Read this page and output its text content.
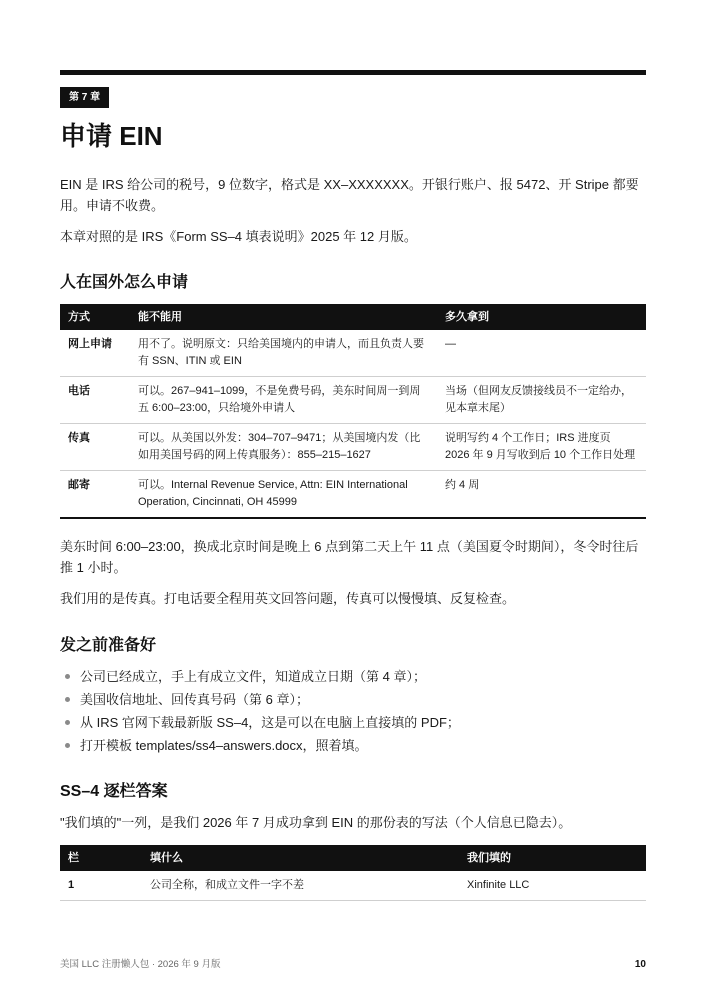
第 7 章
申请 EIN

EIN 是 IRS 给公司的税号，9 位数字，格式是 XX–XXXXXXX。开银行账户、报 5472、开 Stripe 都要用。申请不收费。

本章对照的是 IRS《Form SS–4 填表说明》2025 年 12 月版。

人在国外怎么申请
方式	能不能用	多久拿到
网上申请	用不了。说明原文：只给美国境内的申请人，而且负责人要有 SSN、ITIN 或 EIN	—
电话	可以。267–941–1099，不是免费号码，美东时间周一到周五 6:00–23:00，只给境外申请人	当场（但网友反馈接线员不一定给办，见本章末尾）
传真	可以。从美国以外发：304–707–9471；从美国境内发（比如用美国号码的网上传真服务）：855–215–1627	说明写约 4 个工作日；IRS 进度页 2026 年 9 月写收到后 10 个工作日处理
邮寄	可以。Internal Revenue Service, Attn: EIN International Operation, Cincinnati, OH 45999	约 4 周

美东时间 6:00–23:00，换成北京时间是晚上 6 点到第二天上午 11 点（美国夏令时期间），冬令时往后推 1 小时。

我们用的是传真。打电话要全程用英文回答问题，传真可以慢慢填、反复检查。

发之前准备好
公司已经成立，手上有成立文件，知道成立日期（第 4 章）；
美国收信地址、回传真号码（第 6 章）；
从 IRS 官网下载最新版 SS–4，这是可以在电脑上直接填的 PDF；
打开模板 templates/ss4–answers.docx，照着填。
SS–4 逐栏答案

"我们填的"一列，是我们 2026 年 7 月成功拿到 EIN 的那份表的写法（个人信息已隐去）。

栏	填什么	我们填的
1	公司全称，和成立文件一字不差	Xinfinite LLC
美国 LLC 注册懒人包 · 2026 年 9 月版	10
